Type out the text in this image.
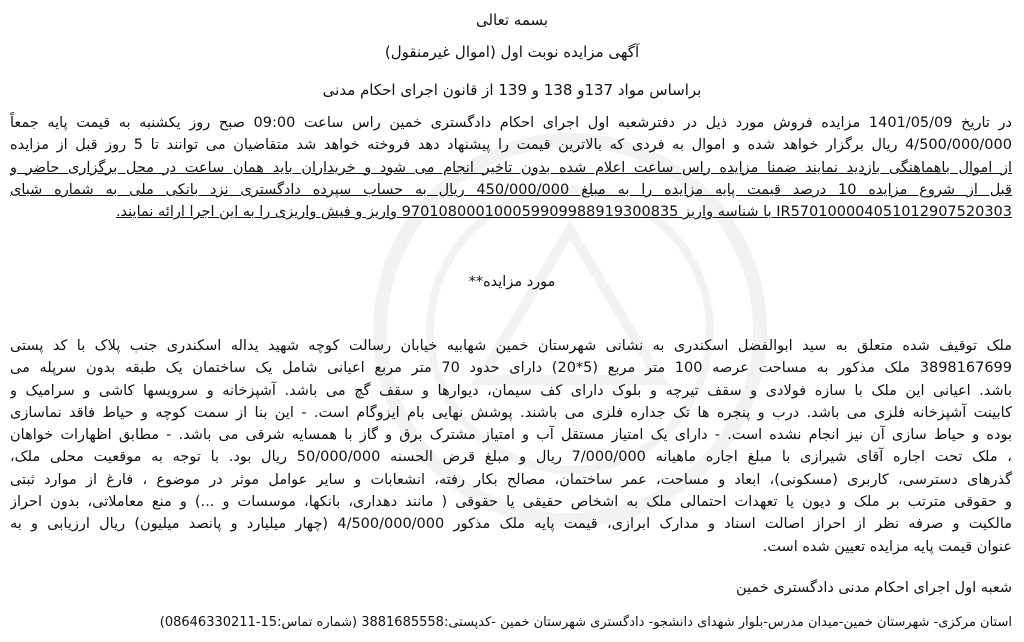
بسمه تعالی
آگهی مزایده نوبت اول (اموال غیرمنقول)
براساس مواد 137و 138 و 139 از قانون اجرای احکام مدنی
در تاریخ 1401/05/09 مزایده فروش مورد ذیل در دفترشعبه اول اجرای احکام دادگستری خمین راس ساعت 09:00 صبح روز یکشنبه به قیمت پایه جمعاً
4/500/000/000 ریال برگزار خواهد شده و اموال به فردی که بالاترین قیمت را پیشنهاد دهد فروخته خواهد شد متقاضیان می توانند تا 5 روز قبل از مزایده
از اموال باهماهنگی بازدید نمایند ضمنا مزایده راس ساعت اعلام شده بدون تاخیر انجام می شود و خریداران باید همان ساعت در محل برگزاری حاضر و
قبل از شروع مزایده 10 درصد قیمت پایه مزایده را به مبلغ 450/000/000 ریال به حساب سپرده دادگستری نزد بانکی ملی به شماره شبای
IR570100004051012907520303 با شناسه واریز 970108000100059909988919300835 واریز و فیش واریزی را به این اجرا ارائه نمایند.
مورد مزایده**
ملک توقیف شده متعلق به سید ابوالفضل اسکندری به نشانی شهرستان خمین شهابیه خیابان رسالت کوچه شهید یداله اسکندری جنب پلاک با کد پستی
3898167699 ملک مذکور به مساحت عرصه 100 متر مربع (5*20) دارای حدود 70 متر مربع اعیانی شامل یک ساختمان یک طبقه بدون سرپله می
باشد. اعیانی این ملک با سازه فولادی و سقف تیرچه و بلوک دارای کف سیمان، دیوارها و سقف گچ می باشد. آشپزخانه و سرویسها کاشی و سرامیک و
کابینت آشپزخانه فلزی می باشد. درب و پنجره ها تک جداره فلزی می باشند. پوشش نهایی بام ایزوگام است. - این بنا از سمت کوچه و حیاط فاقد نماسازی
بوده و حیاط سازی آن نیز انجام نشده است. - دارای یک امتیاز مستقل آب و امتیاز مشترک برق و گاز با همسایه شرقی می باشد. - مطابق اظهارات خواهان
، ملک تحت اجاره آقای شیرازی با مبلغ اجاره ماهیانه 7/000/000 ریال و مبلغ قرض الحسنه 50/000/000 ریال بود. با توجه به موقعیت محلی ملک،
گذرهای دسترسی، کاربری (مسکونی)، ابعاد و مساحت، عمر ساختمان، مصالح بکار رفته، انشعابات و سایر عوامل موثر در موضوع ، فارغ از موارد ثبتی
و حقوقی مترتب بر ملک و دیون یا تعهدات احتمالی ملک به اشخاص حقیقی یا حقوقی ( مانند دهداری، بانکها، موسسات و ...) و منع معاملاتی، بدون احراز
مالکیت و صرفه نظر از احراز اصالت اسناد و مدارک ابرازی، قیمت پایه ملک مذکور 4/500/000/000 (چهار میلیارد و پانصد میلیون) ریال ارزیابی و به
عنوان قیمت پایه مزایده تعیین شده است.
شعبه اول اجرای احکام مدنی دادگستری خمین
استان مرکزی- شهرستان خمین-میدان مدرس-بلوار شهدای دانشجو- دادگستری شهرستان خمین -کدپستی:3881685558 (شماره تماس:15-08646330211)
